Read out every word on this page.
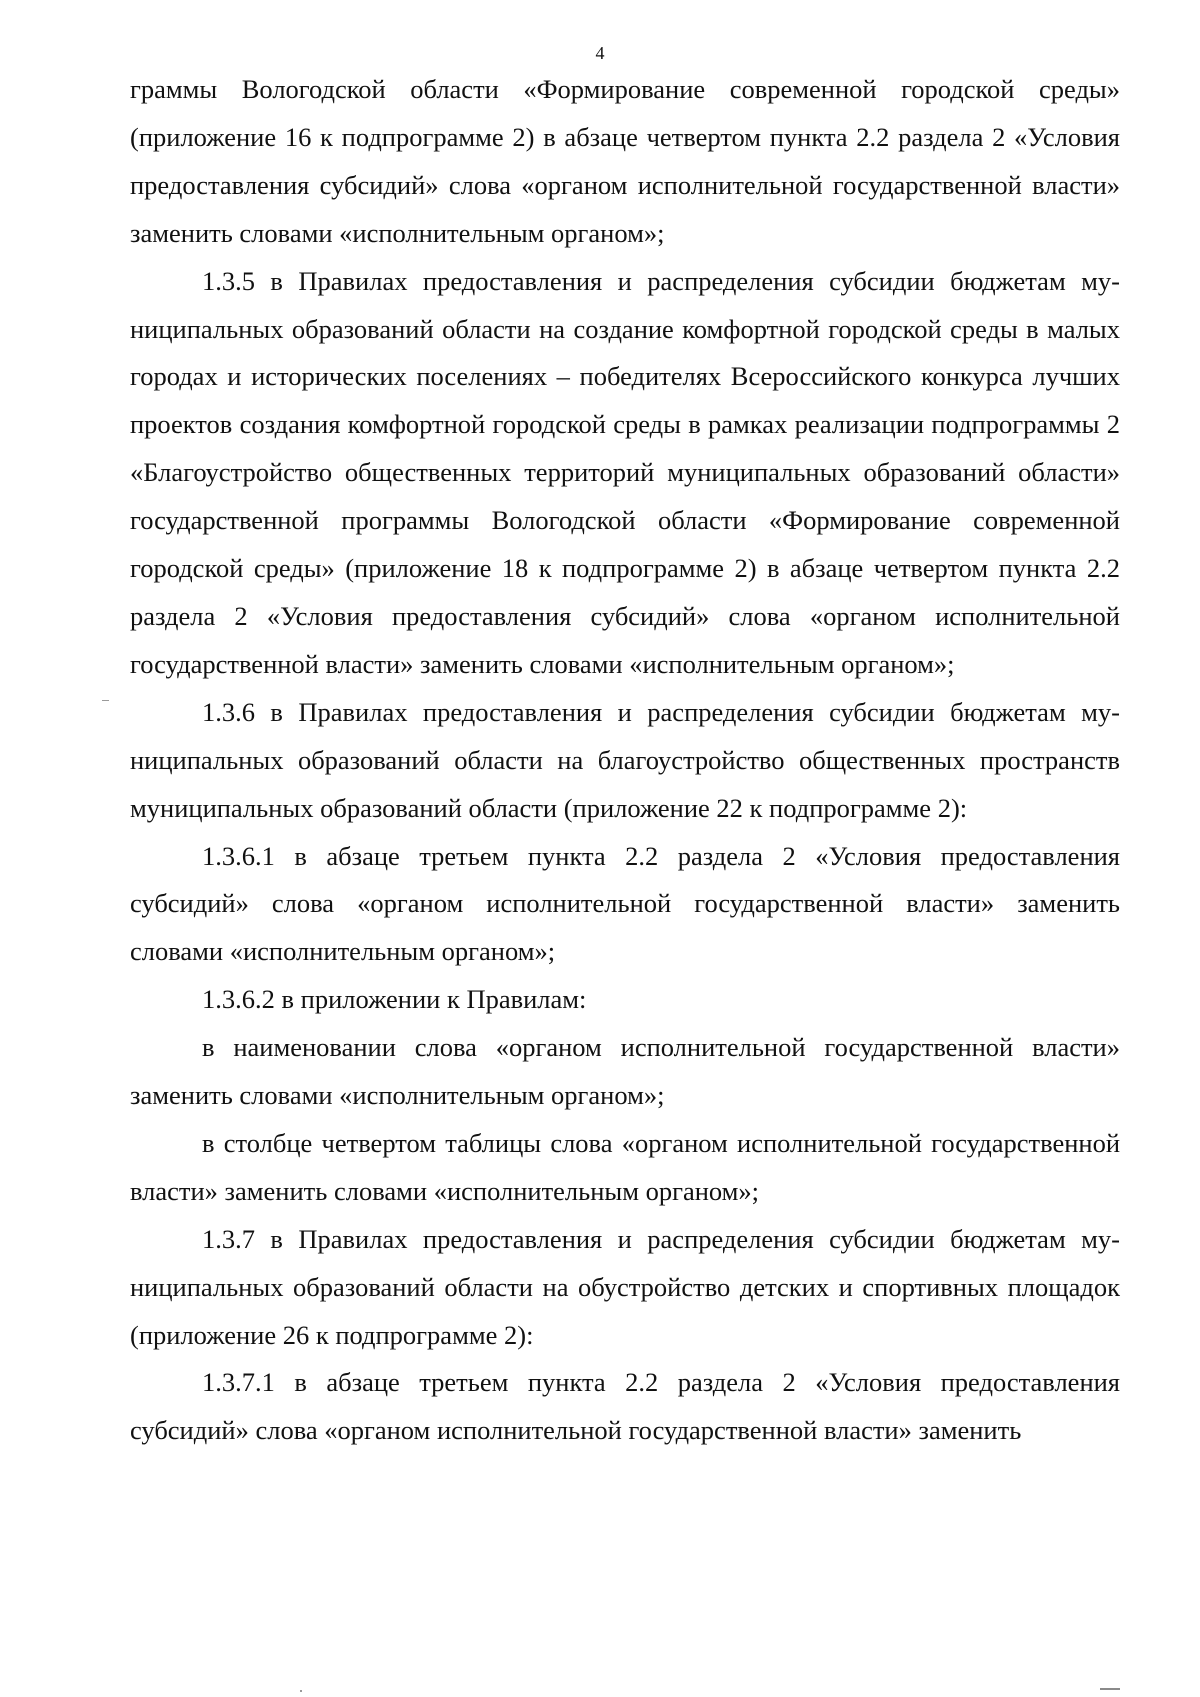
4

граммы Вологодской области «Формирование современной городской среды» (приложение 16 к подпрограмме 2) в абзаце четвертом пункта 2.2 раздела 2 «Условия предоставления субсидий» слова «органом исполнительной государственной власти» заменить словами «исполнительным органом»;

1.3.5 в Правилах предоставления и распределения субсидии бюджетам муниципальных образований области на создание комфортной городской среды в малых городах и исторических поселениях – победителях Всероссийского конкурса лучших проектов создания комфортной городской среды в рамках реализации подпрограммы 2 «Благоустройство общественных территорий муниципальных образований области» государственной программы Вологодской области «Формирование современной городской среды» (приложение 18 к подпрограмме 2) в абзаце четвертом пункта 2.2 раздела 2 «Условия предоставления субсидий» слова «органом исполнительной государственной власти» заменить словами «исполнительным органом»;

1.3.6 в Правилах предоставления и распределения субсидии бюджетам муниципальных образований области на благоустройство общественных пространств муниципальных образований области (приложение 22 к подпрограмме 2):

1.3.6.1 в абзаце третьем пункта 2.2 раздела 2 «Условия предоставления субсидий» слова «органом исполнительной государственной власти» заменить словами «исполнительным органом»;

1.3.6.2 в приложении к Правилам:

в наименовании слова «органом исполнительной государственной власти» заменить словами «исполнительным органом»;

в столбце четвертом таблицы слова «органом исполнительной государственной власти» заменить словами «исполнительным органом»;

1.3.7 в Правилах предоставления и распределения субсидии бюджетам муниципальных образований области на обустройство детских и спортивных площадок (приложение 26 к подпрограмме 2):

1.3.7.1 в абзаце третьем пункта 2.2 раздела 2 «Условия предоставления субсидий» слова «органом исполнительной государственной власти» заменить
